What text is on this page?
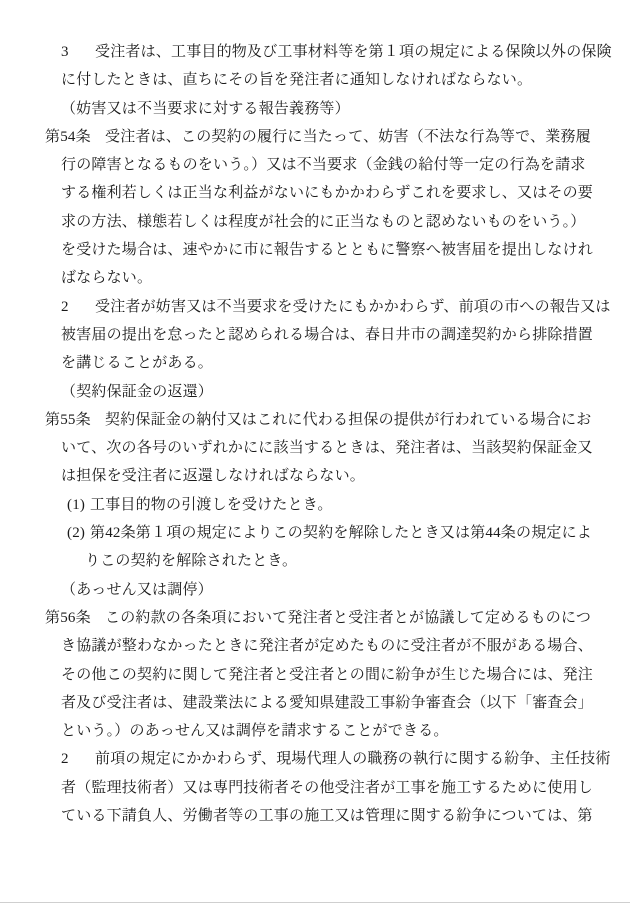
3 受注者は、工事目的物及び工事材料等を第１項の規定による保険以外の保険
に付したときは、直ちにその旨を発注者に通知しなければならない。
（妨害又は不当要求に対する報告義務等）
第54条 受注者は、この契約の履行に当たって、妨害（不法な行為等で、業務履
行の障害となるものをいう。）又は不当要求（金銭の給付等一定の行為を請求
する権利若しくは正当な利益がないにもかかわらずこれを要求し、又はその要
求の方法、様態若しくは程度が社会的に正当なものと認めないものをいう。）
を受けた場合は、速やかに市に報告するとともに警察へ被害届を提出しなけれ
ばならない。
2 受注者が妨害又は不当要求を受けたにもかかわらず、前項の市への報告又は
被害届の提出を怠ったと認められる場合は、春日井市の調達契約から排除措置
を講じることがある。
（契約保証金の返還）
第55条 契約保証金の納付又はこれに代わる担保の提供が行われている場合にお
いて、次の各号のいずれかにに該当するときは、発注者は、当該契約保証金又
は担保を受注者に返還しなければならない。
(1) 工事目的物の引渡しを受けたとき。
(2) 第42条第１項の規定によりこの契約を解除したとき又は第44条の規定によ
りこの契約を解除されたとき。
（あっせん又は調停）
第56条 この約款の各条項において発注者と受注者とが協議して定めるものにつ
き協議が整わなかったときに発注者が定めたものに受注者が不服がある場合、
その他この契約に関して発注者と受注者との間に紛争が生じた場合には、発注
者及び受注者は、建設業法による愛知県建設工事紛争審査会（以下「審査会」
という。）のあっせん又は調停を請求することができる。
2 前項の規定にかかわらず、現場代理人の職務の執行に関する紛争、主任技術
者（監理技術者）又は専門技術者その他受注者が工事を施工するために使用し
ている下請負人、労働者等の工事の施工又は管理に関する紛争については、第
